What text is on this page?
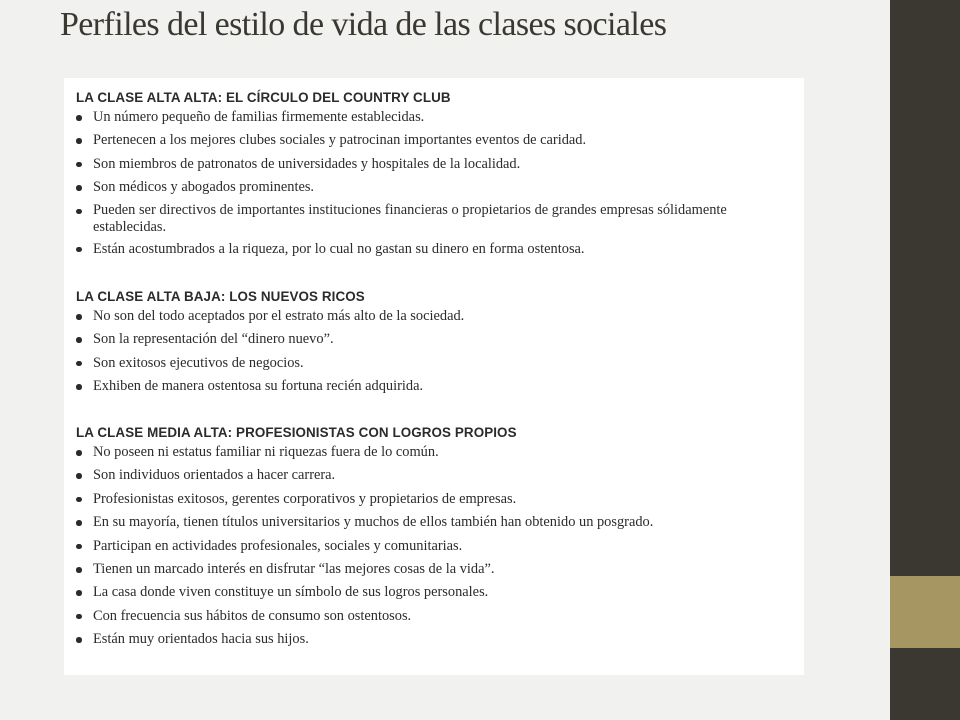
Perfiles del estilo de vida de las clases sociales
LA CLASE ALTA ALTA: EL CÍRCULO DEL COUNTRY CLUB
Un número pequeño de familias firmemente establecidas.
Pertenecen a los mejores clubes sociales y patrocinan importantes eventos de caridad.
Son miembros de patronatos de universidades y hospitales de la localidad.
Son médicos y abogados prominentes.
Pueden ser directivos de importantes instituciones financieras o propietarios de grandes empresas sólidamente establecidas.
Están acostumbrados a la riqueza, por lo cual no gastan su dinero en forma ostentosa.
LA CLASE ALTA BAJA: LOS NUEVOS RICOS
No son del todo aceptados por el estrato más alto de la sociedad.
Son la representación del “dinero nuevo”.
Son exitosos ejecutivos de negocios.
Exhiben de manera ostentosa su fortuna recién adquirida.
LA CLASE MEDIA ALTA: PROFESIONISTAS CON LOGROS PROPIOS
No poseen ni estatus familiar ni riquezas fuera de lo común.
Son individuos orientados a hacer carrera.
Profesionistas exitosos, gerentes corporativos y propietarios de empresas.
En su mayoría, tienen títulos universitarios y muchos de ellos también han obtenido un posgrado.
Participan en actividades profesionales, sociales y comunitarias.
Tienen un marcado interés en disfrutar “las mejores cosas de la vida”.
La casa donde viven constituye un símbolo de sus logros personales.
Con frecuencia sus hábitos de consumo son ostentosos.
Están muy orientados hacia sus hijos.
